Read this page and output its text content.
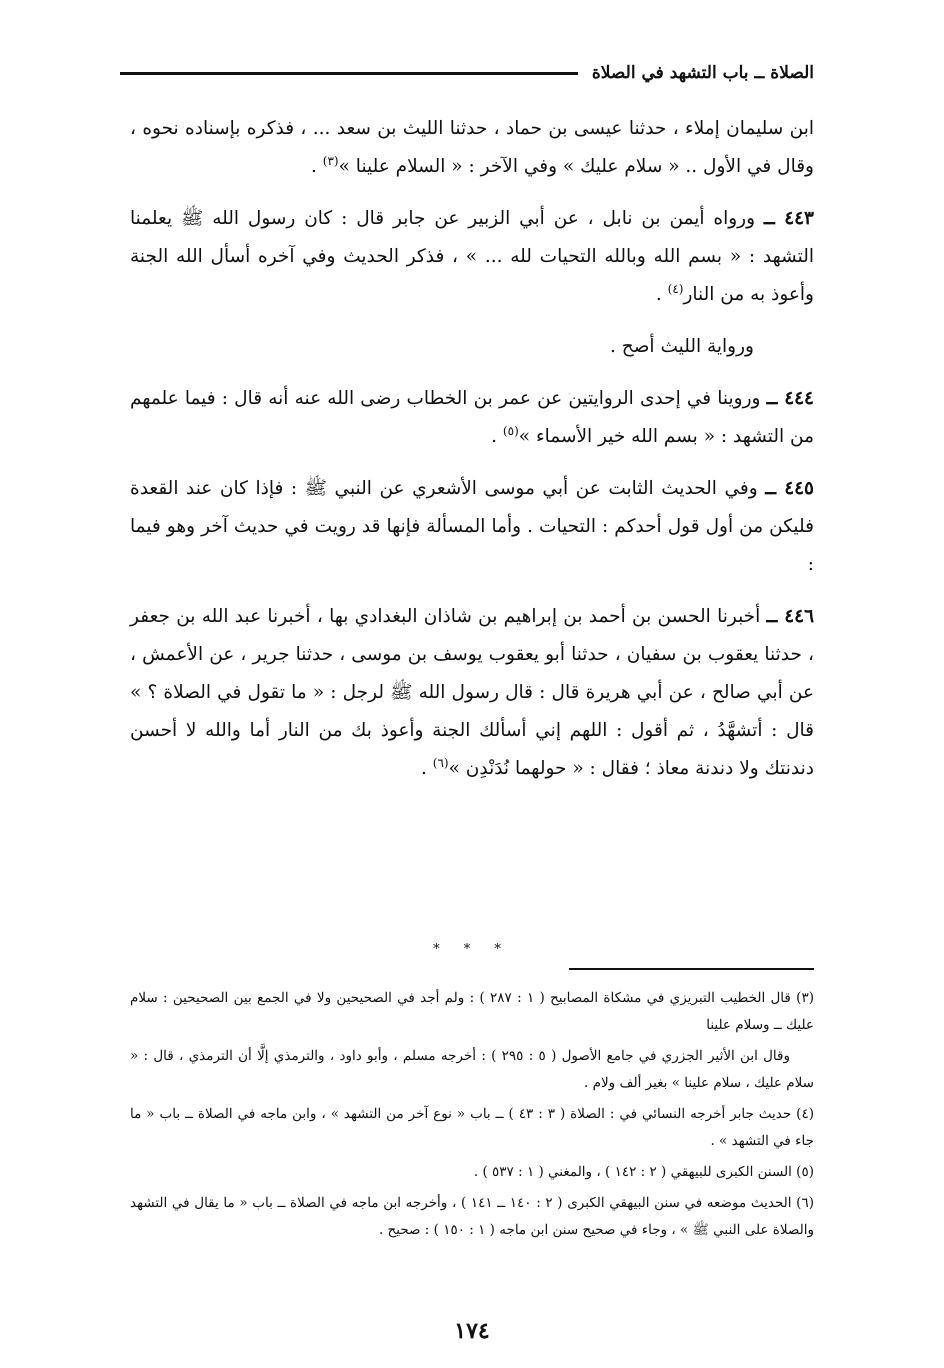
الصلاة ــ باب التشهد في الصلاة

ابن سليمان إملاء ، حدثنا عيسى بن حماد ، حدثنا الليث بن سعد ... ، فذكره بإسناده نحوه ، وقال في الأول .. « سلام عليك » وفي الآخر : « السلام علينا »$^{(٣)}$ .

٤٤٣ ــ ورواه أيمن بن نابل ، عن أبي الزبير عن جابر قال : كان رسول الله ﷺ يعلمنا التشهد : « بسم الله وبالله التحيات لله ... » ، فذكر الحديث وفي آخره أسأل الله الجنة وأعوذ به من النار$^{(٤)}$ .

ورواية الليث أصح .

٤٤٤ ــ وروينا في إحدى الروايتين عن عمر بن الخطاب رضى الله عنه أنه قال : فيما علمهم من التشهد : « بسم الله خير الأسماء »$^{(٥)}$ .

٤٤٥ ــ وفي الحديث الثابت عن أبي موسى الأشعري عن النبي ﷺ : فإذا كان عند القعدة فليكن من أول قول أحدكم : التحيات . وأما المسألة فإنها قد رويت في حديث آخر وهو فيما :

٤٤٦ ــ أخبرنا الحسن بن أحمد بن إبراهيم بن شاذان البغدادي بها ، أخبرنا عبد الله بن جعفر ، حدثنا يعقوب بن سفيان ، حدثنا أبو يعقوب يوسف بن موسى ، حدثنا جرير ، عن الأعمش ، عن أبي صالح ، عن أبي هريرة قال : قال رسول الله ﷺ لرجل : « ما تقول في الصلاة ؟ » قال : أتشهَّدُ ، ثم أقول : اللهم إني أسألك الجنة وأعوذ بك من النار أما والله لا أحسن دندنتك ولا دندنة معاذ ؛ فقال : « حولهما نُدَنْدِن »$^{(٦)}$ .

* * *

(٣) قال الخطيب التبريزي في مشكاة المصابيح ( ١ : ٢٨٧ ) : ولم أجد في الصحيحين ولا في الجمع بين الصحيحين : سلام عليك ــ وسلام علينا

وقال ابن الأثير الجزري في جامع الأصول ( ٥ : ٢٩٥ ) : أخرجه مسلم ، وأبو داود ، والترمذي إلَّا أن الترمذي ، قال : « سلام عليك ، سلام علينا » بغير ألف ولام .

(٤) حديث جابر أخرجه النسائي في : الصلاة ( ٣ : ٤٣ ) ــ باب « نوع آخر من التشهد » ، وابن ماجه في الصلاة ــ باب « ما جاء في التشهد » .

(٥) السنن الكبرى للبيهقي ( ٢ : ١٤٢ ) ، والمغني ( ١ : ٥٣٧ ) .

(٦) الحديث موضعه في سنن البيهقي الكبرى ( ٢ : ١٤٠ ــ ١٤١ ) ، وأخرجه ابن ماجه في الصلاة ــ باب « ما يقال في التشهد والصلاة على النبي ﷺ » ، وجاء في صحيح سنن ابن ماجه ( ١ : ١٥٠ ) : صحيح .

١٧٤
